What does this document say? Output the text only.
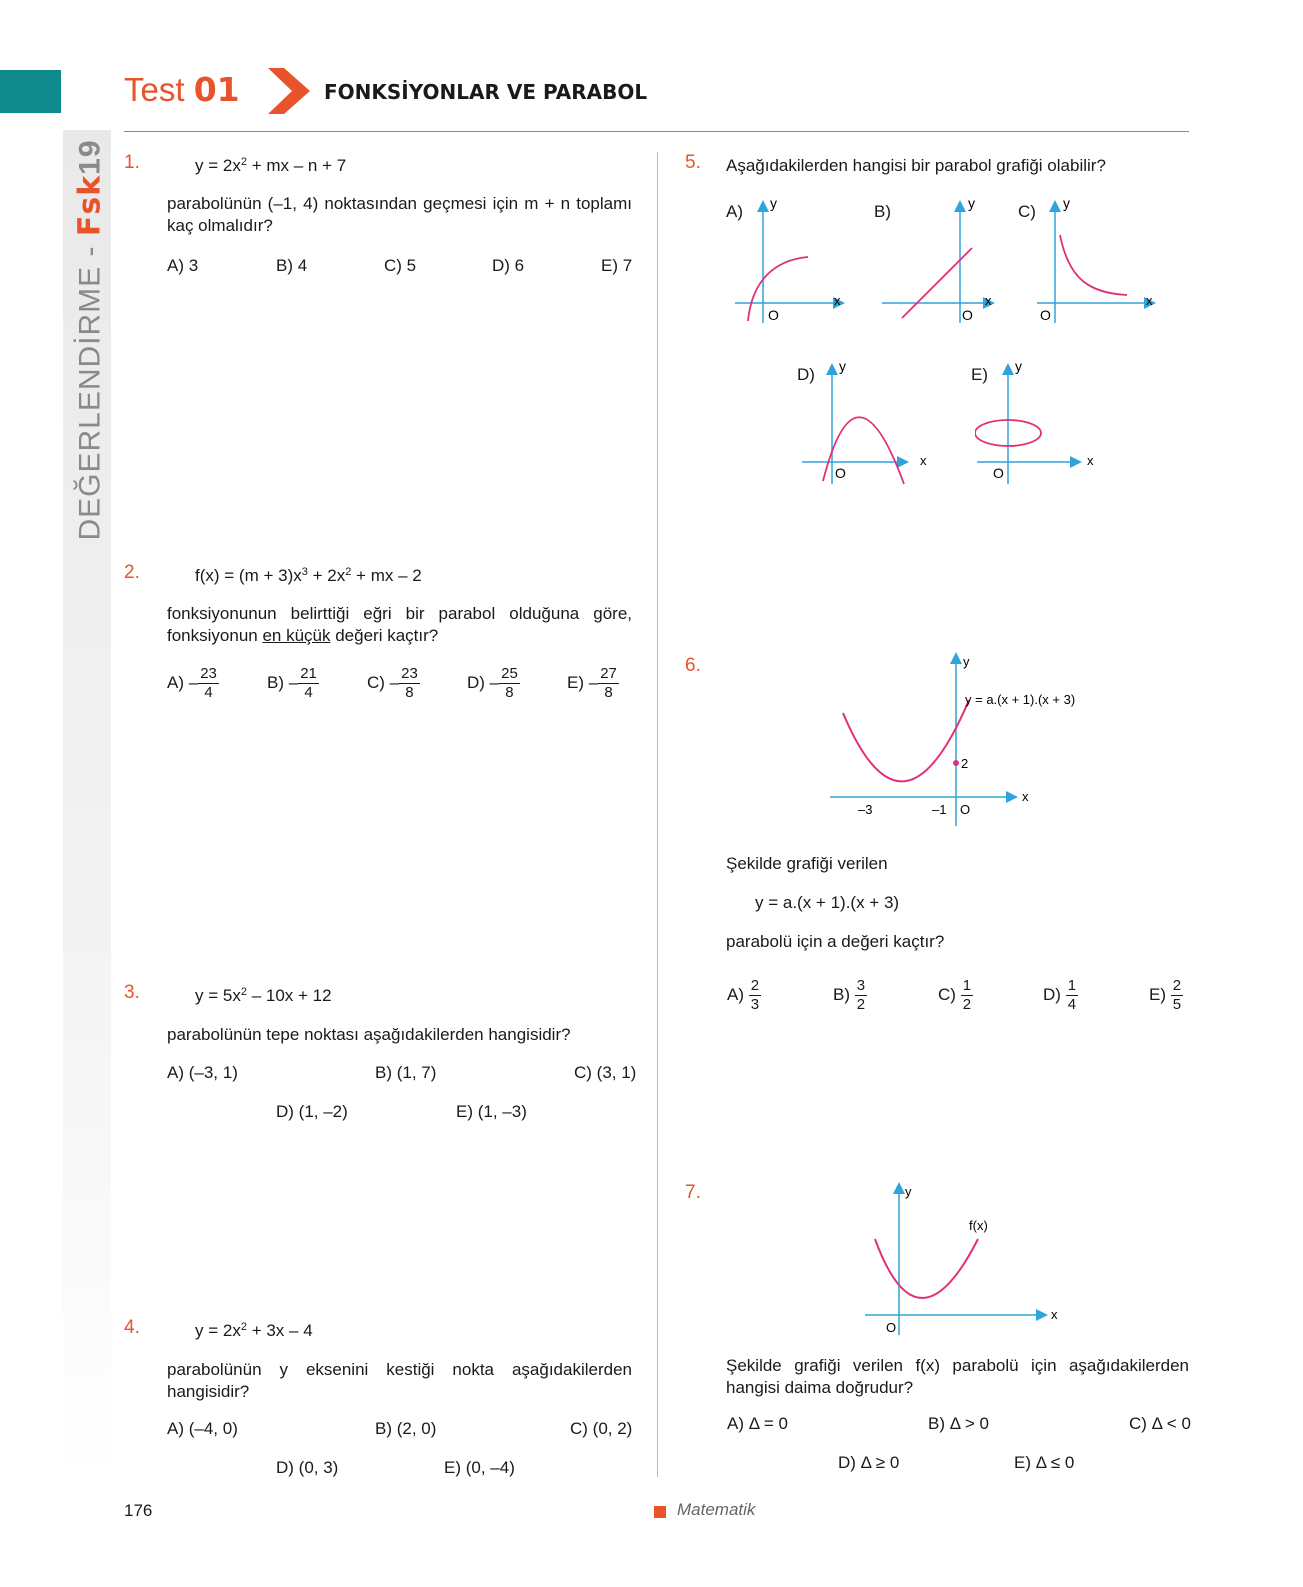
DEĞERLENDİRME - Fsk19
Test 01	FONKSİYONLAR VE PARABOL
1.	$y = 2x^2$ + mx – n + 7
parabolünün (–1, 4) noktasından geçmesi için m + n toplamı kaç olmalıdır?
A) 3	B) 4	C) 5	D) 6	E) 7
2.	$f(x) = (m + 3)x^3 + 2x^2$ + mx – 2
fonksiyonunun belirttiği eğri bir parabol olduğuna göre, fonksiyonun en küçük değeri kaçtır?
$A) - \frac{23}{4}$	$B) - \frac{21}{4}$	$C) - \frac{23}{8}$	$D) - \frac{25}{8}$	$E) - \frac{27}{8}$
3.	$y = 5x^2 - 10x + 12$
parabolünün tepe noktası aşağıdakilerden hangisidir?
A) (–3, 1)	B) (1, 7)	C) (3, 1)
D) (1, –2)	E) (1, –3)
4.	$y = 2x^2 + 3x - 4$
parabolünün y eksenini kestiği nokta aşağıdakilerden hangisidir?
A) (–4, 0)	B) (2, 0)	C) (0, 2)
D) (0, 3)	E) (0, –4)
5. Aşağıdakilerden hangisi bir parabol grafiği olabilir?
A) y
O
x
B)	y
O
x
C) y
O
x
D) y
O
x
E) y
O
x
6.	y
y = a.(x + 1).(x + 3)
2
–3	–1 O
x
Şekilde grafiği verilen
y = a.(x + 1).(x + 3)
parabolü için a değeri kaçtır?
$A) \frac{2}{3}$	$B) \frac{3}{2}$	$C) \frac{1}{2}$	$D) \frac{1}{4}$	$E) \frac{2}{5}$
7.	y
f(x)
O
x
Şekilde grafiği verilen f(x) parabolü için aşağıdakilerden hangisi daima doğrudur?
A) Δ = 0	B) Δ > 0	C) Δ < 0
D) Δ ≥ 0	E) Δ ≤ 0
176	Matematik
